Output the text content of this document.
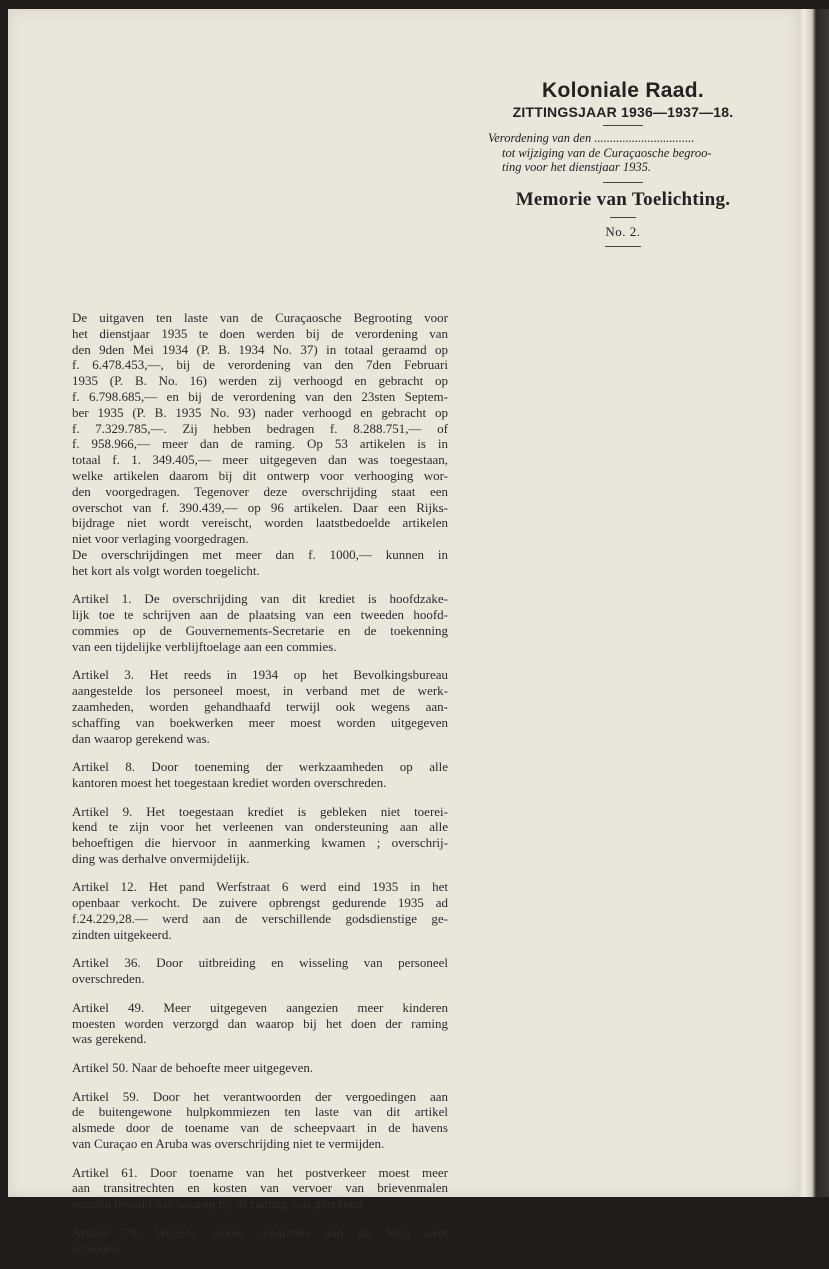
Koloniale Raad.

ZITTINGSJAAR 1936—1937—18.

Verordening van den ................................
tot wijziging van de Curaçaosche begroo-
ting voor het dienstjaar 1935.

Memorie van Toelichting.

No. 2.

De uitgaven ten laste van de Curaçaosche Begrooting voor
het dienstjaar 1935 te doen werden bij de verordening van
den 9den Mei 1934 (P. B. 1934 No. 37) in totaal geraamd op
f. 6.478.453,—, bij de verordening van den 7den Februari
1935 (P. B. No. 16) werden zij verhoogd en gebracht op
f. 6.798.685,— en bij de verordening van den 23sten Septem-
ber 1935 (P. B. 1935 No. 93) nader verhoogd en gebracht op
f. 7.329.785,—. Zij hebben bedragen f. 8.288.751,— of
f. 958.966,— meer dan de raming. Op 53 artikelen is in
totaal f. 1. 349.405,— meer uitgegeven dan was toegestaan,
welke artikelen daarom bij dit ontwerp voor verhooging wor-
den voorgedragen. Tegenover deze overschrijding staat een
overschot van f. 390.439,— op 96 artikelen. Daar een Rijks-
bijdrage niet wordt vereischt, worden laatstbedoelde artikelen
niet voor verlaging voorgedragen.
De overschrijdingen met meer dan f. 1000,— kunnen in
het kort als volgt worden toegelicht.
Artikel 1. De overschrijding van dit krediet is hoofdzake-
lijk toe te schrijven aan de plaatsing van een tweeden hoofd-
commies op de Gouvernements-Secretarie en de toekenning
van een tijdelijke verblijftoelage aan een commies.
Artikel 3. Het reeds in 1934 op het Bevolkingsbureau
aangestelde los personeel moest, in verband met de werk-
zaamheden, worden gehandhaafd terwijl ook wegens aan-
schaffing van boekwerken meer moest worden uitgegeven
dan waarop gerekend was.
Artikel 8. Door toeneming der werkzaamheden op alle
kantoren moest het toegestaan krediet worden overschreden.
Artikel 9. Het toegestaan krediet is gebleken niet toerei-
kend te zijn voor het verleenen van ondersteuning aan alle
behoeftigen die hiervoor in aanmerking kwamen ; overschrij-
ding was derhalve onvermijdelijk.
Artikel 12. Het pand Werfstraat 6 werd eind 1935 in het
openbaar verkocht. De zuivere opbrengst gedurende 1935 ad
f.24.229,28.— werd aan de verschillende godsdienstige ge-
zindten uitgekeerd.
Artikel 36. Door uitbreiding en wisseling van personeel
overschreden.
Artikel 49. Meer uitgegeven aangezien meer kinderen
moesten worden verzorgd dan waarop bij het doen der raming
was gerekend.
Artikel 50. Naar de behoefte meer uitgegeven.
Artikel 59. Door het verantwoorden der vergoedingen aan
de buitengewone hulpkommiezen ten laste van dit artikel
alsmede door de toename van de scheepvaart in de havens
van Curaçao en Aruba was overschrijding niet te vermijden.
Artikel 61. Door toename van het postverkeer moest meer
aan transitrechten en kosten van vervoer van brievenmalen
worden betaald dan waarop bij de raming was gerekend.
Artikel 70. Wegens groote reparaties aan de brug over
schreden.
